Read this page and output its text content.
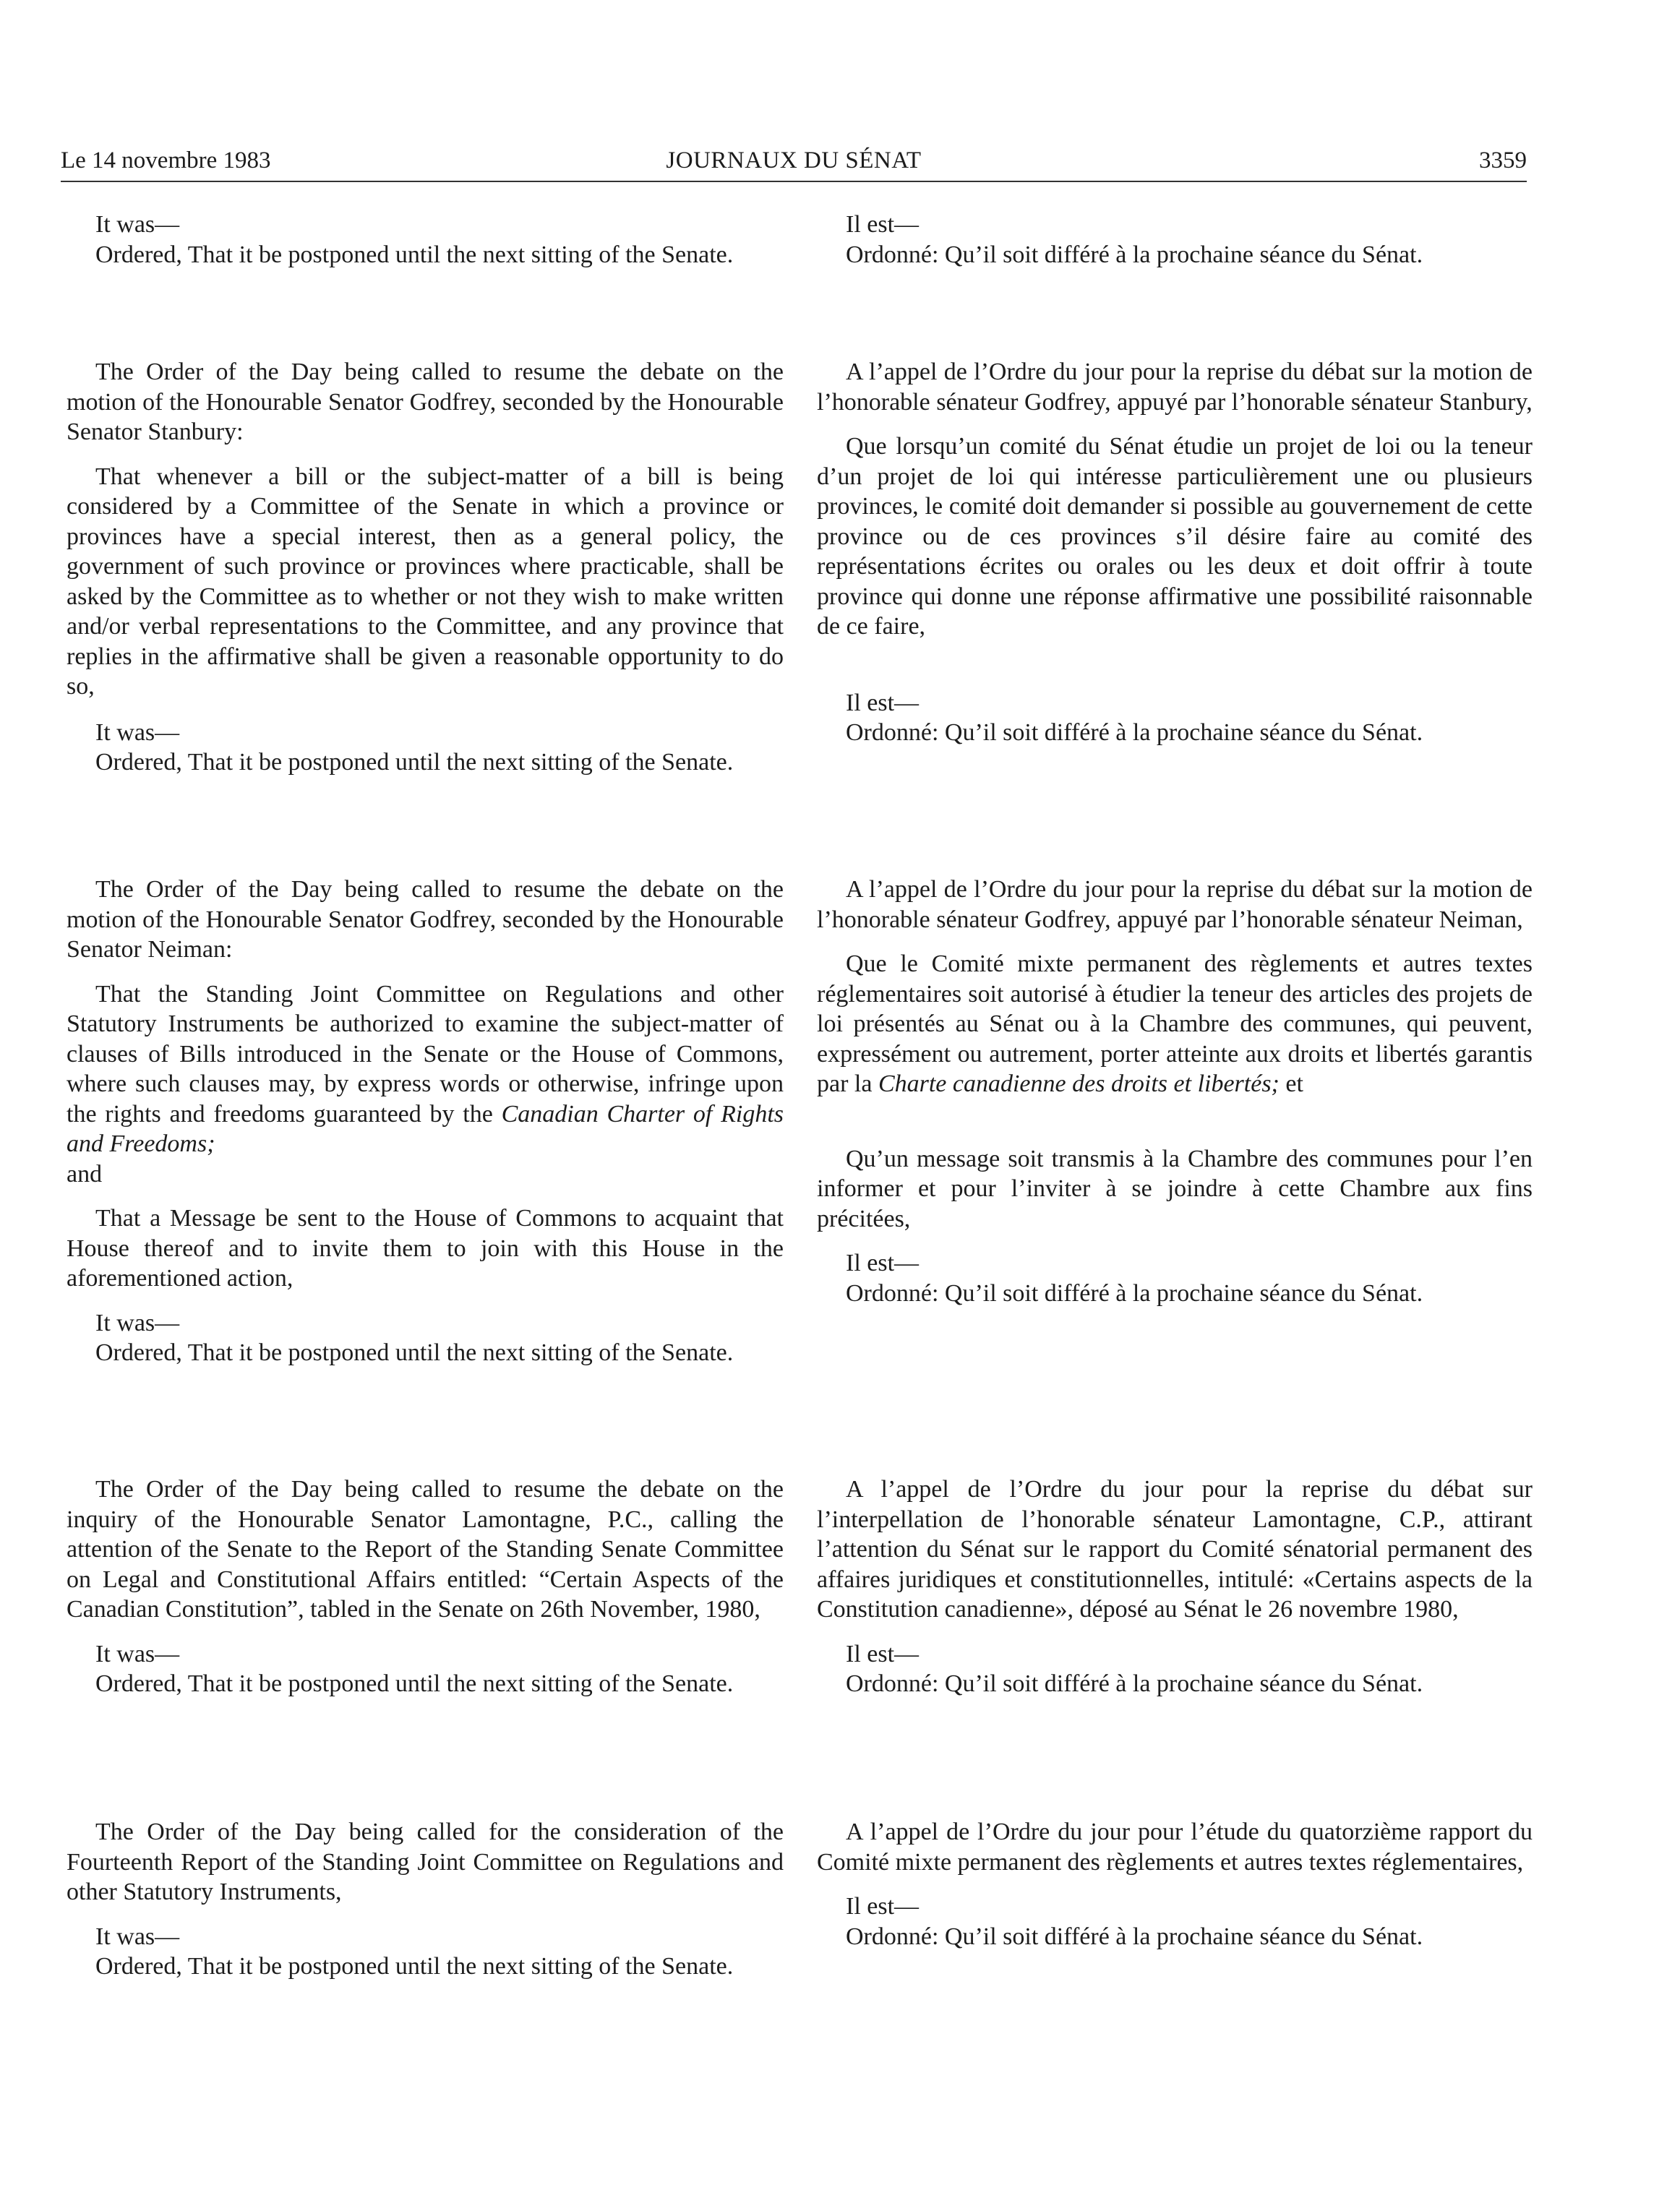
Le 14 novembre 1983	JOURNAUX DU SÉNAT	3359

It was—

Ordered, That it be postponed until the next sitting of the Senate.

The Order of the Day being called to resume the debate on the motion of the Honourable Senator Godfrey, seconded by the Honourable Senator Stanbury:

That whenever a bill or the subject-matter of a bill is being considered by a Committee of the Senate in which a province or provinces have a special interest, then as a general policy, the government of such province or provinces where practicable, shall be asked by the Committee as to whether or not they wish to make written and/or verbal representations to the Committee, and any province that replies in the affirmative shall be given a reasonable opportunity to do so,

It was—

Ordered, That it be postponed until the next sitting of the Senate.

The Order of the Day being called to resume the debate on the motion of the Honourable Senator Godfrey, seconded by the Honourable Senator Neiman:

That the Standing Joint Committee on Regulations and other Statutory Instruments be authorized to examine the subject-matter of clauses of Bills introduced in the Senate or the House of Commons, where such clauses may, by express words or otherwise, infringe upon the rights and freedoms guaranteed by the Canadian Charter of Rights and Freedoms;
and

That a Message be sent to the House of Commons to acquaint that House thereof and to invite them to join with this House in the aforementioned action,

It was—

Ordered, That it be postponed until the next sitting of the Senate.

The Order of the Day being called to resume the debate on the inquiry of the Honourable Senator Lamontagne, P.C., calling the attention of the Senate to the Report of the Standing Senate Committee on Legal and Constitutional Affairs entitled: “Certain Aspects of the Canadian Constitution”, tabled in the Senate on 26th November, 1980,

It was—

Ordered, That it be postponed until the next sitting of the Senate.

The Order of the Day being called for the consideration of the Fourteenth Report of the Standing Joint Committee on Regulations and other Statutory Instruments,

It was—

Ordered, That it be postponed until the next sitting of the Senate.

Il est—

Ordonné: Qu’il soit différé à la prochaine séance du Sénat.

A l’appel de l’Ordre du jour pour la reprise du débat sur la motion de l’honorable sénateur Godfrey, appuyé par l’honorable sénateur Stanbury,

Que lorsqu’un comité du Sénat étudie un projet de loi ou la teneur d’un projet de loi qui intéresse particulièrement une ou plusieurs provinces, le comité doit demander si possible au gouvernement de cette province ou de ces provinces s’il désire faire au comité des représentations écrites ou orales ou les deux et doit offrir à toute province qui donne une réponse affirmative une possibilité raisonnable de ce faire,

Il est—

Ordonné: Qu’il soit différé à la prochaine séance du Sénat.

A l’appel de l’Ordre du jour pour la reprise du débat sur la motion de l’honorable sénateur Godfrey, appuyé par l’honorable sénateur Neiman,

Que le Comité mixte permanent des règlements et autres textes réglementaires soit autorisé à étudier la teneur des articles des projets de loi présentés au Sénat ou à la Chambre des communes, qui peuvent, expressément ou autrement, porter atteinte aux droits et libertés garantis par la Charte canadienne des droits et libertés; et

Qu’un message soit transmis à la Chambre des communes pour l’en informer et pour l’inviter à se joindre à cette Chambre aux fins précitées,

Il est—

Ordonné: Qu’il soit différé à la prochaine séance du Sénat.

A l’appel de l’Ordre du jour pour la reprise du débat sur l’interpellation de l’honorable sénateur Lamontagne, C.P., attirant l’attention du Sénat sur le rapport du Comité sénatorial permanent des affaires juridiques et constitutionnelles, intitulé: «Certains aspects de la Constitution canadienne», déposé au Sénat le 26 novembre 1980,

Il est—

Ordonné: Qu’il soit différé à la prochaine séance du Sénat.

A l’appel de l’Ordre du jour pour l’étude du quatorzième rapport du Comité mixte permanent des règlements et autres textes réglementaires,

Il est—

Ordonné: Qu’il soit différé à la prochaine séance du Sénat.
